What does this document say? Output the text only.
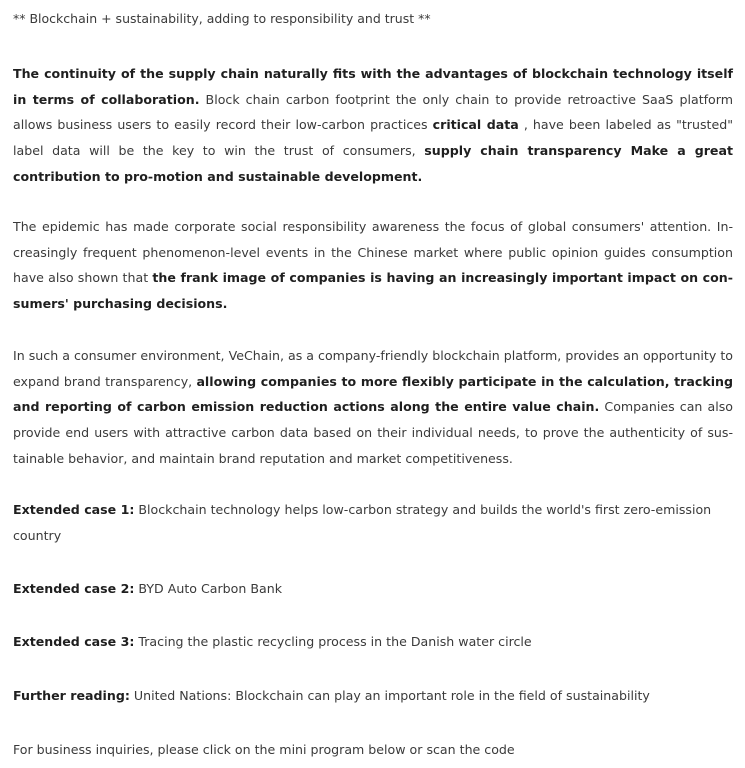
** Blockchain + sustainability, adding to responsibility and trust **

The continuity of the supply chain naturally fits with the advantages of blockchain technology itself in terms of collaboration. Block chain carbon footprint the only chain to provide retroactive SaaS platform allows business users to easily record their low-carbon practices critical data , have been labeled as "trusted" label data will be the key to win the trust of consumers, supply chain transparency Make a great contribution to pro-motion and sustainable development.

The epidemic has made corporate social responsibility awareness the focus of global consumers' attention. In-creasingly frequent phenomenon-level events in the Chinese market where public opinion guides consumption have also shown that the frank image of companies is having an increasingly important impact on con-sumers' purchasing decisions.

In such a consumer environment, VeChain, as a company-friendly blockchain platform, provides an opportunity to expand brand transparency, allowing companies to more flexibly participate in the calculation, tracking and reporting of carbon emission reduction actions along the entire value chain. Companies can also provide end users with attractive carbon data based on their individual needs, to prove the authenticity of sus-tainable behavior, and maintain brand reputation and market competitiveness.

Extended case 1: Blockchain technology helps low-carbon strategy and builds the world's first zero-emission country

Extended case 2: BYD Auto Carbon Bank

Extended case 3: Tracing the plastic recycling process in the Danish water circle

Further reading: United Nations: Blockchain can play an important role in the field of sustainability

For business inquiries, please click on the mini program below or scan the code
